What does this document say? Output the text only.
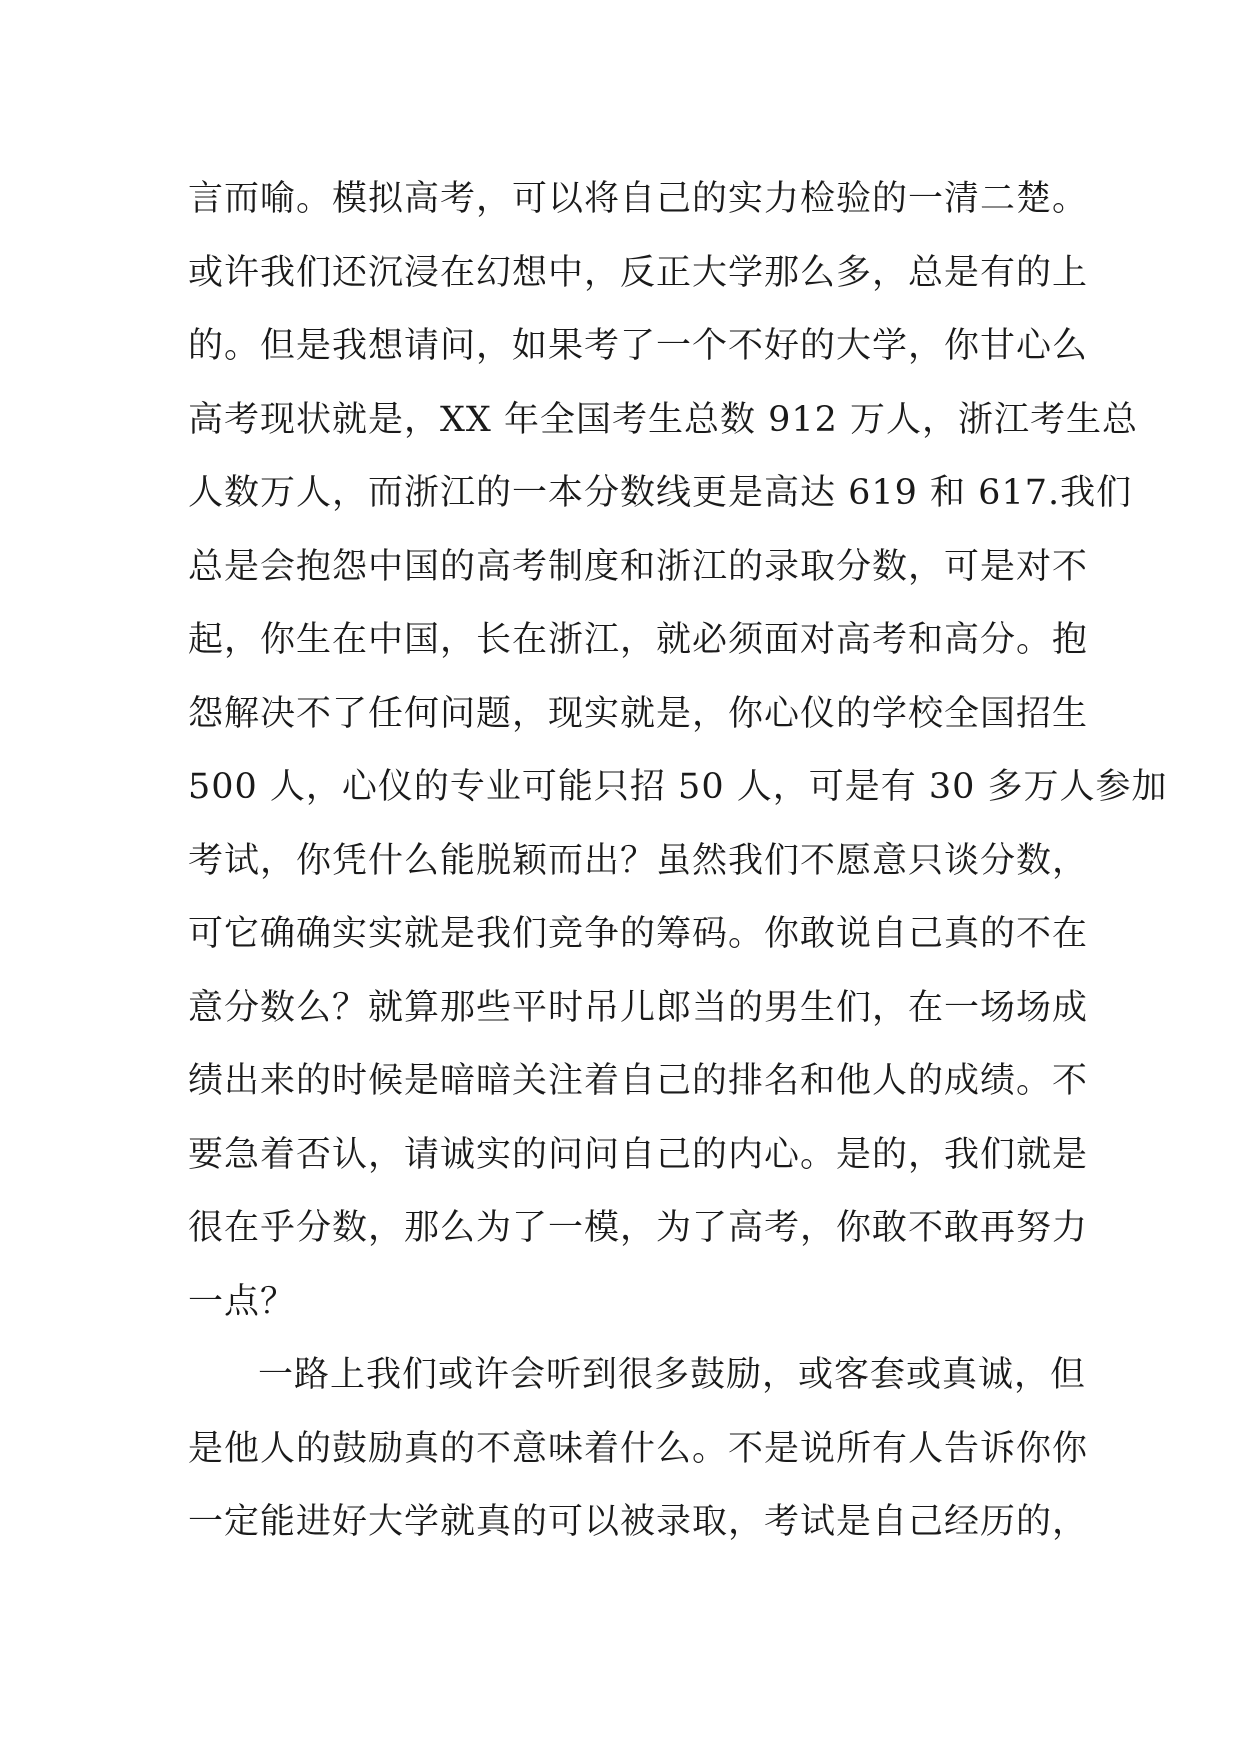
言而喻。模拟高考，可以将自己的实力检验的一清二楚。
或许我们还沉浸在幻想中，反正大学那么多，总是有的上
的。但是我想请问，如果考了一个不好的大学，你甘心么
高考现状就是，XX 年全国考生总数 912 万人，浙江考生总
人数万人，而浙江的一本分数线更是高达 619 和 617.我们
总是会抱怨中国的高考制度和浙江的录取分数，可是对不
起，你生在中国，长在浙江，就必须面对高考和高分。抱
怨解决不了任何问题，现实就是，你心仪的学校全国招生
500 人，心仪的专业可能只招 50 人，可是有 30 多万人参加
考试，你凭什么能脱颖而出？虽然我们不愿意只谈分数，
可它确确实实就是我们竞争的筹码。你敢说自己真的不在
意分数么？就算那些平时吊儿郎当的男生们，在一场场成
绩出来的时候是暗暗关注着自己的排名和他人的成绩。不
要急着否认，请诚实的问问自己的内心。是的，我们就是
很在乎分数，那么为了一模，为了高考，你敢不敢再努力
一点？
一路上我们或许会听到很多鼓励，或客套或真诚，但
是他人的鼓励真的不意味着什么。不是说所有人告诉你你
一定能进好大学就真的可以被录取，考试是自己经历的，
